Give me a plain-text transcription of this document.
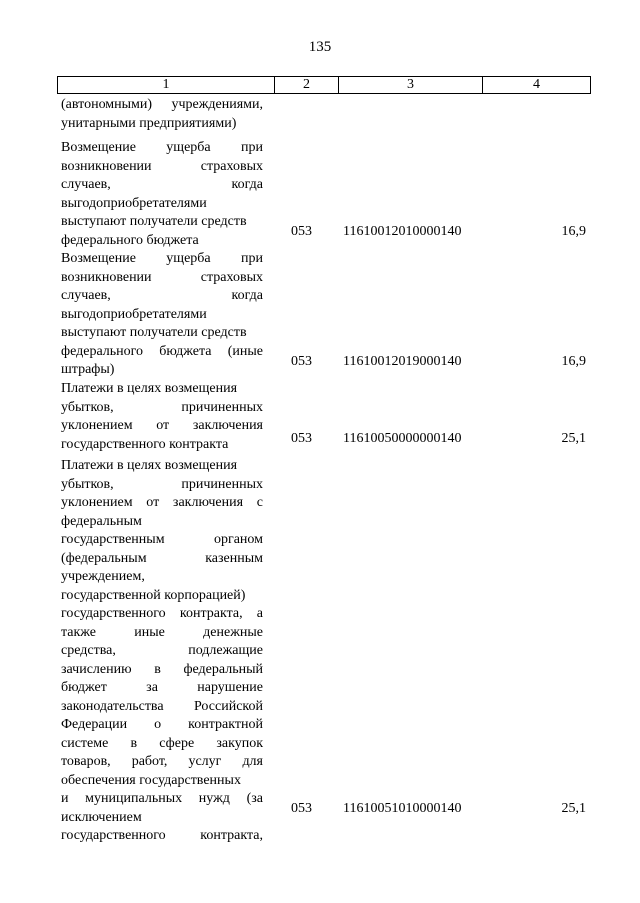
135
1	2	3	4
(автономными) учреждениями,
унитарными предприятиями)
Возмещение ущерба при
возникновении страховых
случаев, когда
выгодоприобретателями
выступают получатели средств
федерального бюджета
053	11610012010000140	16,9
Возмещение ущерба при
возникновении страховых
случаев, когда
выгодоприобретателями
выступают получатели средств
федерального бюджета (иные
штрафы)
053	11610012019000140	16,9
Платежи в целях возмещения
убытков, причиненных
уклонением от заключения
государственного контракта	053	11610050000000140	25,1
Платежи в целях возмещения
убытков, причиненных
уклонением от заключения с
федеральным
государственным органом
(федеральным казенным
учреждением,
государственной корпорацией)
государственного контракта, а
также иные денежные
средства, подлежащие
зачислению в федеральный
бюджет за нарушение
законодательства Российской
Федерации о контрактной
системе в сфере закупок
товаров, работ, услуг для
обеспечения государственных
и муниципальных нужд (за
исключением
государственного контракта,
053	11610051010000140	25,1
